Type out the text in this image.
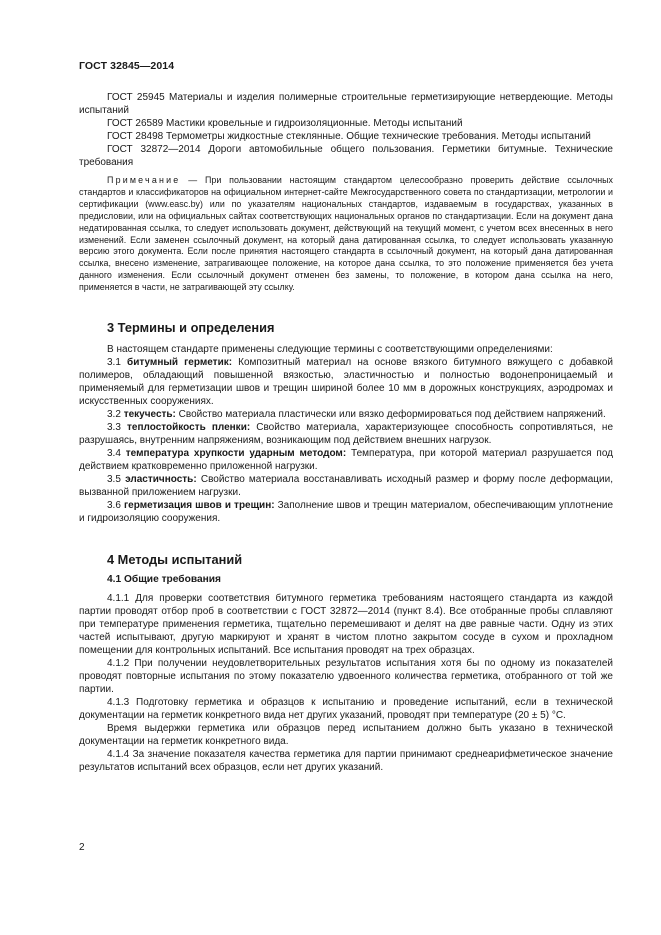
ГОСТ 32845—2014

ГОСТ 25945 Материалы и изделия полимерные строительные герметизирующие нетвердеющие. Методы испытаний

ГОСТ 26589 Мастики кровельные и гидроизоляционные. Методы испытаний

ГОСТ 28498 Термометры жидкостные стеклянные. Общие технические требования. Методы испытаний

ГОСТ 32872—2014 Дороги автомобильные общего пользования. Герметики битумные. Технические требования

Примечание — При пользовании настоящим стандартом целесообразно проверить действие ссылочных стандартов и классификаторов на официальном интернет-сайте Межгосударственного совета по стандартизации, метрологии и сертификации (www.easc.by) или по указателям национальных стандартов, издаваемым в государствах, указанных в предисловии, или на официальных сайтах соответствующих национальных органов по стандартизации. Если на документ дана недатированная ссылка, то следует использовать документ, действующий на текущий момент, с учетом всех внесенных в него изменений. Если заменен ссылочный документ, на который дана датированная ссылка, то следует использовать указанную версию этого документа. Если после принятия настоящего стандарта в ссылочный документ, на который дана датированная ссылка, внесено изменение, затрагивающее положение, на которое дана ссылка, то это положение применяется без учета данного изменения. Если ссылочный документ отменен без замены, то положение, в котором дана ссылка на него, применяется в части, не затрагивающей эту ссылку.

3 Термины и определения

В настоящем стандарте применены следующие термины с соответствующими определениями:

3.1 битумный герметик: Композитный материал на основе вязкого битумного вяжущего с добавкой полимеров, обладающий повышенной вязкостью, эластичностью и полностью водонепроницаемый и применяемый для герметизации швов и трещин шириной более 10 мм в дорожных конструкциях, аэродромах и искусственных сооружениях.

3.2 текучесть: Свойство материала пластически или вязко деформироваться под действием напряжений.

3.3 теплостойкость пленки: Свойство материала, характеризующее способность сопротивляться, не разрушаясь, внутренним напряжениям, возникающим под действием внешних нагрузок.

3.4 температура хрупкости ударным методом: Температура, при которой материал разрушается под действием кратковременно приложенной нагрузки.

3.5 эластичность: Свойство материала восстанавливать исходный размер и форму после деформации, вызванной приложением нагрузки.

3.6 герметизация швов и трещин: Заполнение швов и трещин материалом, обеспечивающим уплотнение и гидроизоляцию сооружения.

4 Методы испытаний
4.1 Общие требования

4.1.1 Для проверки соответствия битумного герметика требованиям настоящего стандарта из каждой партии проводят отбор проб в соответствии с ГОСТ 32872—2014 (пункт 8.4). Все отобранные пробы сплавляют при температуре применения герметика, тщательно перемешивают и делят на две равные части. Одну из этих частей испытывают, другую маркируют и хранят в чистом плотно закрытом сосуде в сухом и прохладном помещении для контрольных испытаний. Все испытания проводят на трех образцах.

4.1.2 При получении неудовлетворительных результатов испытания хотя бы по одному из показателей проводят повторные испытания по этому показателю удвоенного количества герметика, отобранного от той же партии.

4.1.3 Подготовку герметика и образцов к испытанию и проведение испытаний, если в технической документации на герметик конкретного вида нет других указаний, проводят при температуре (20 ± 5) °С.

Время выдержки герметика или образцов перед испытанием должно быть указано в технической документации на герметик конкретного вида.

4.1.4 За значение показателя качества герметика для партии принимают среднеарифметическое значение результатов испытаний всех образцов, если нет других указаний.

2
